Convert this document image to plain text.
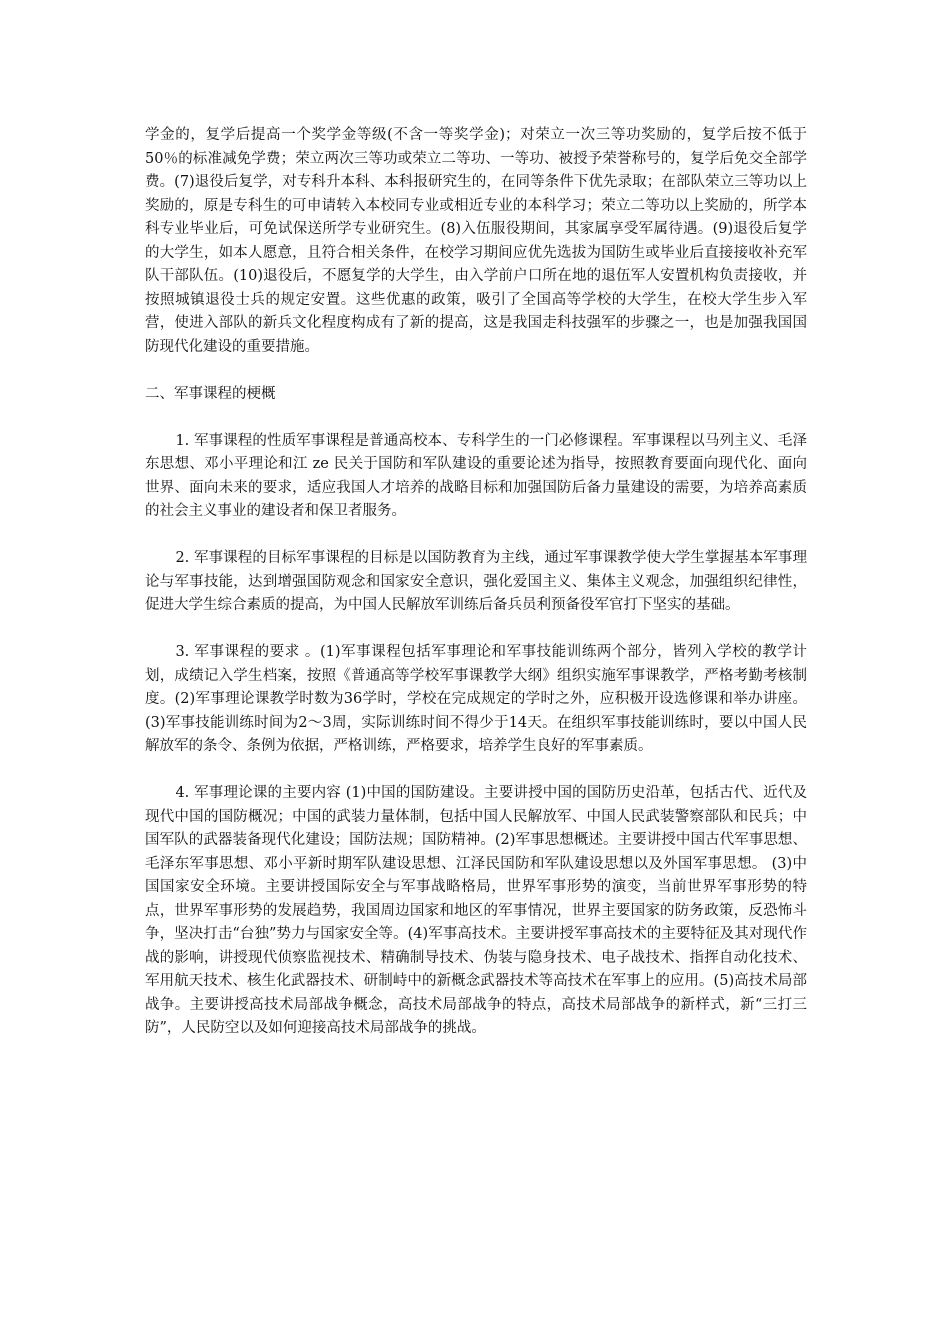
学金的，复学后提高一个奖学金等级(不含一等奖学金)；对荣立一次三等功奖励的，复学后按不低于50％的标准减免学费；荣立两次三等功或荣立二等功、一等功、被授予荣誉称号的，复学后免交全部学费。(7)退役后复学，对专科升本科、本科报研究生的，在同等条件下优先录取；在部队荣立三等功以上奖励的，原是专科生的可申请转入本校同专业或相近专业的本科学习；荣立二等功以上奖励的，所学本科专业毕业后，可免试保送所学专业研究生。(8)入伍服役期间，其家属享受军属待遇。(9)退役后复学的大学生，如本人愿意，且符合相关条件，在校学习期间应优先选拔为国防生或毕业后直接接收补充军队干部队伍。(10)退役后，不愿复学的大学生，由入学前户口所在地的退伍军人安置机构负责接收，并按照城镇退役士兵的规定安置。这些优惠的政策，吸引了全国高等学校的大学生，在校大学生步入军营，使进入部队的新兵文化程度构成有了新的提高，这是我国走科技强军的步骤之一，也是加强我国国防现代化建设的重要措施。

二、军事课程的梗概

1. 军事课程的性质军事课程是普通高校本、专科学生的一门必修课程。军事课程以马列主义、毛泽东思想、邓小平理论和江 ze 民关于国防和军队建设的重要论述为指导，按照教育要面向现代化、面向世界、面向未来的要求，适应我国人才培养的战略目标和加强国防后备力量建设的需要，为培养高素质的社会主义事业的建设者和保卫者服务。

2. 军事课程的目标军事课程的目标是以国防教育为主线，通过军事课教学使大学生掌握基本军事理论与军事技能，达到增强国防观念和国家安全意识，强化爱国主义、集体主义观念，加强组织纪律性，促进大学生综合素质的提高，为中国人民解放军训练后备兵员利预备役军官打下坚实的基础。

3. 军事课程的要求 。(1)军事课程包括军事理论和军事技能训练两个部分，皆列入学校的教学计划，成绩记入学生档案，按照《普通高等学校军事课教学大纲》组织实施军事课教学，严格考勤考核制度。(2)军事理论课教学时数为36学时，学校在完成规定的学时之外，应积极开设选修课和举办讲座。(3)军事技能训练时间为2～3周，实际训练时间不得少于14天。在组织军事技能训练时，要以中国人民解放军的条令、条例为依据，严格训练，严格要求，培养学生良好的军事素质。

4. 军事理论课的主要内容 (1)中国的国防建设。主要讲授中国的国防历史沿革，包括古代、近代及现代中国的国防概况；中国的武装力量体制，包括中国人民解放军、中国人民武装警察部队和民兵；中国军队的武器装备现代化建设；国防法规；国防精神。(2)军事思想概述。主要讲授中国古代军事思想、毛泽东军事思想、邓小平新时期军队建设思想、江泽民国防和军队建设思想以及外国军事思想。 (3)中国国家安全环境。主要讲授国际安全与军事战略格局，世界军事形势的演变，当前世界军事形势的特点，世界军事形势的发展趋势，我国周边国家和地区的军事情况，世界主要国家的防务政策，反恐怖斗争，坚决打击“台独”势力与国家安全等。(4)军事高技术。主要讲授军事高技术的主要特征及其对现代作战的影响，讲授现代侦察监视技术、精确制导技术、伪装与隐身技术、电子战技术、指挥自动化技术、军用航天技术、核生化武器技术、研制峙中的新概念武器技术等高技术在军事上的应用。(5)高技术局部战争。主要讲授高技术局部战争概念，高技术局部战争的特点，高技术局部战争的新样式，新“三打三防”，人民防空以及如何迎接高技术局部战争的挑战。
